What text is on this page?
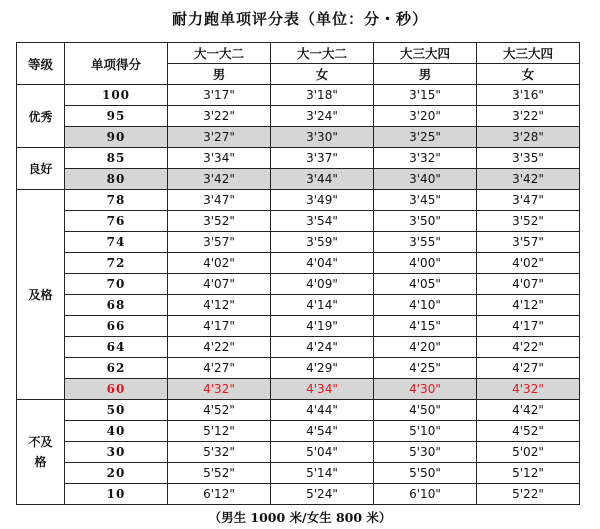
耐力跑单项评分表（单位：分・秒）
等级	单项得分	大一大二	大一大二	大三大四	大三大四
		男	女	男	女
优秀	100	3'17"	3'18"	3'15"	3'16"
	95	3'22"	3'24"	3'20"	3'22"
	90	3'27"	3'30"	3'25"	3'28"
良好	85	3'34"	3'37"	3'32"	3'35"
	80	3'42"	3'44"	3'40"	3'42"
及格	78	3'47"	3'49"	3'45"	3'47"
	76	3'52"	3'54"	3'50"	3'52"
	74	3'57"	3'59"	3'55"	3'57"
	72	4'02"	4'04"	4'00"	4'02"
	70	4'07"	4'09"	4'05"	4'07"
	68	4'12"	4'14"	4'10"	4'12"
	66	4'17"	4'19"	4'15"	4'17"
	64	4'22"	4'24"	4'20"	4'22"
	62	4'27"	4'29"	4'25"	4'27"
	60	4'32"	4'34"	4'30"	4'32"
不及格	50	4'52"	4'44"	4'50"	4'42"
	40	5'12"	4'54"	5'10"	4'52"
	30	5'32"	5'04"	5'30"	5'02"
	20	5'52"	5'14"	5'50"	5'12"
	10	6'12"	5'24"	6'10"	5'22"
（男生 1000 米/女生 800 米）
